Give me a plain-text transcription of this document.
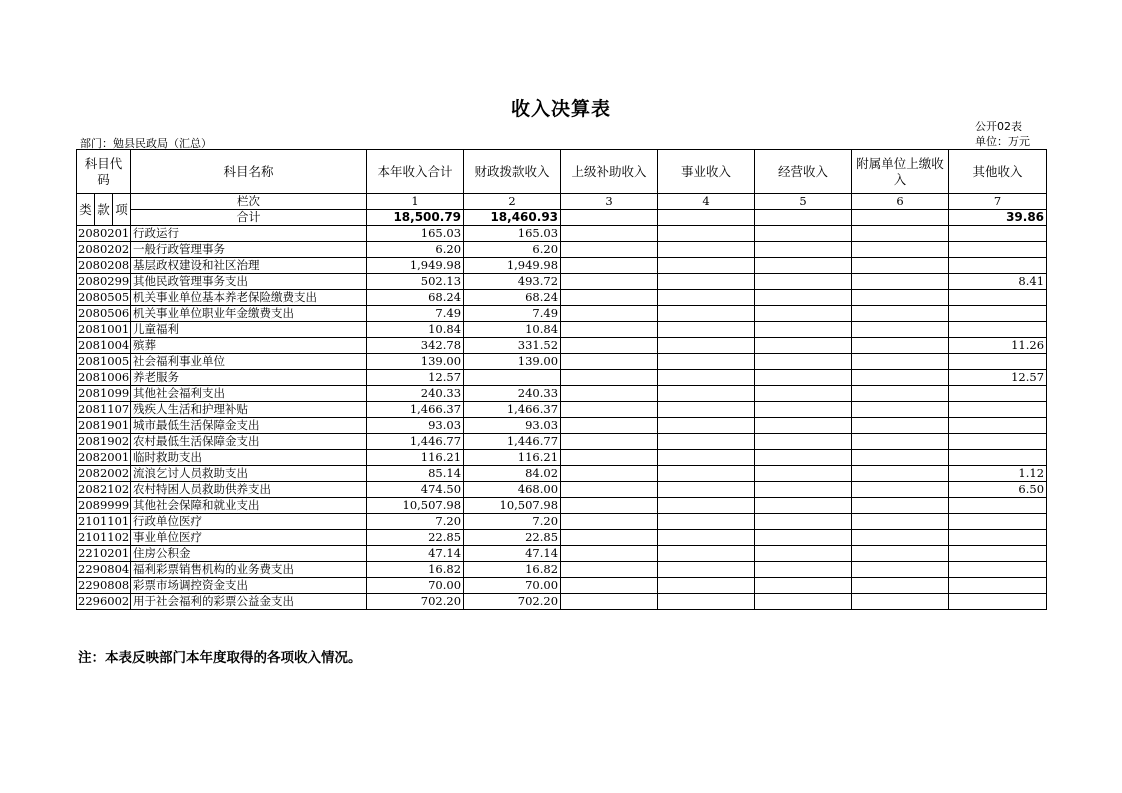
收入决算表
公开02表
部门：勉县民政局（汇总）	单位：万元
科目代码			科目名称	本年收入合计	财政拨款收入	上级补助收入	事业收入	经营收入	附属单位上缴收入	其他收入
类	款	项	栏次	1	2	3	4	5	6	7
			合计	18,500.79	18,460.93					39.86
2080201			行政运行	165.03	165.03					
2080202			一般行政管理事务	6.20	6.20					
2080208			基层政权建设和社区治理	1,949.98	1,949.98					
2080299			其他民政管理事务支出	502.13	493.72					8.41
2080505			机关事业单位基本养老保险缴费支出	68.24	68.24					
2080506			机关事业单位职业年金缴费支出	7.49	7.49					
2081001			儿童福利	10.84	10.84					
2081004			殡葬	342.78	331.52					11.26
2081005			社会福利事业单位	139.00	139.00					
2081006			养老服务	12.57						12.57
2081099			其他社会福利支出	240.33	240.33					
2081107			残疾人生活和护理补贴	1,466.37	1,466.37					
2081901			城市最低生活保障金支出	93.03	93.03					
2081902			农村最低生活保障金支出	1,446.77	1,446.77					
2082001			临时救助支出	116.21	116.21					
2082002			流浪乞讨人员救助支出	85.14	84.02					1.12
2082102			农村特困人员救助供养支出	474.50	468.00					6.50
2089999			其他社会保障和就业支出	10,507.98	10,507.98					
2101101			行政单位医疗	7.20	7.20					
2101102			事业单位医疗	22.85	22.85					
2210201			住房公积金	47.14	47.14					
2290804			福利彩票销售机构的业务费支出	16.82	16.82					
2290808			彩票市场调控资金支出	70.00	70.00					
2296002			用于社会福利的彩票公益金支出	702.20	702.20					
注：本表反映部门本年度取得的各项收入情况。
